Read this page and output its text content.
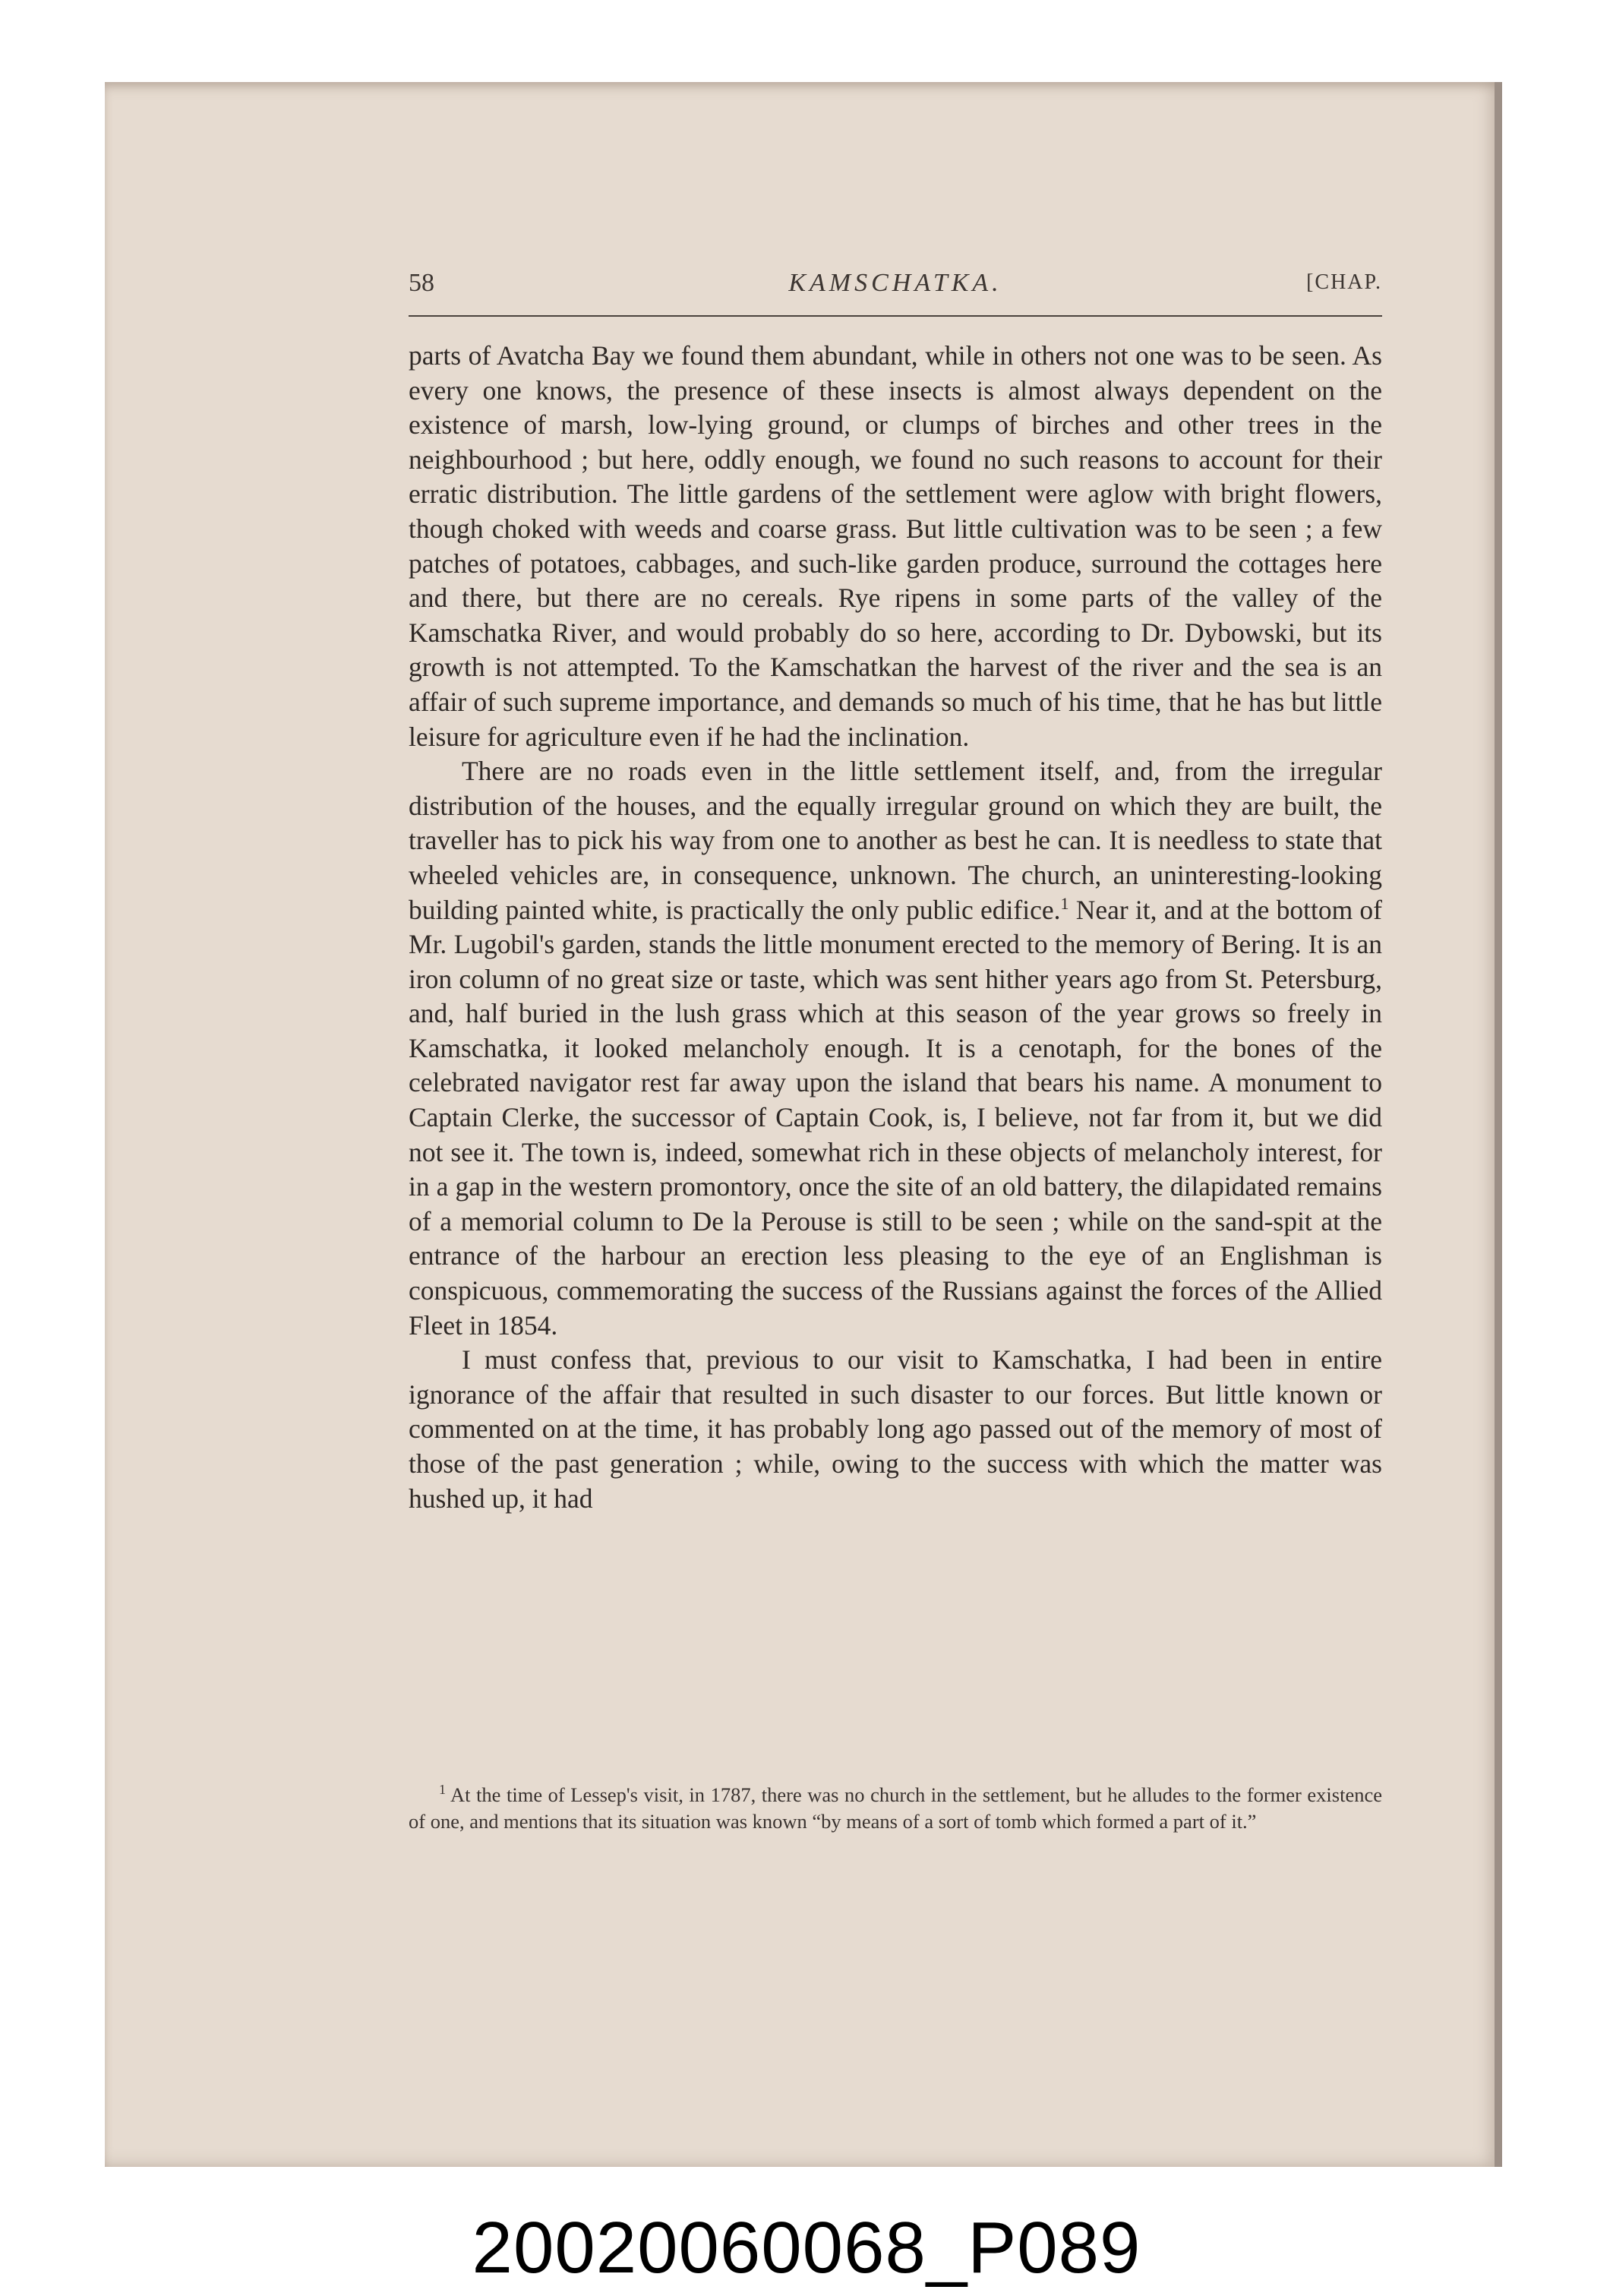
58	KAMSCHATKA.	[CHAP.

parts of Avatcha Bay we found them abundant, while in others not one was to be seen. As every one knows, the presence of these insects is almost always dependent on the existence of marsh, low-lying ground, or clumps of birches and other trees in the neighbourhood ; but here, oddly enough, we found no such reasons to account for their erratic distribution. The little gardens of the settlement were aglow with bright flowers, though choked with weeds and coarse grass. But little cultivation was to be seen ; a few patches of potatoes, cabbages, and such-like garden produce, surround the cottages here and there, but there are no cereals. Rye ripens in some parts of the valley of the Kamschatka River, and would probably do so here, according to Dr. Dybowski, but its growth is not attempted. To the Kamschatkan the harvest of the river and the sea is an affair of such supreme importance, and demands so much of his time, that he has but little leisure for agriculture even if he had the inclination.

There are no roads even in the little settlement itself, and, from the irregular distribution of the houses, and the equally irregular ground on which they are built, the traveller has to pick his way from one to another as best he can. It is needless to state that wheeled vehicles are, in consequence, unknown. The church, an uninteresting-looking building painted white, is practically the only public edifice.$^1$ Near it, and at the bottom of Mr. Lugobil's garden, stands the little monument erected to the memory of Bering. It is an iron column of no great size or taste, which was sent hither years ago from St. Petersburg, and, half buried in the lush grass which at this season of the year grows so freely in Kamschatka, it looked melancholy enough. It is a cenotaph, for the bones of the celebrated navigator rest far away upon the island that bears his name. A monument to Captain Clerke, the successor of Captain Cook, is, I believe, not far from it, but we did not see it. The town is, indeed, somewhat rich in these objects of melancholy interest, for in a gap in the western promontory, once the site of an old battery, the dilapidated remains of a memorial column to De la Perouse is still to be seen ; while on the sand-spit at the entrance of the harbour an erection less pleasing to the eye of an Englishman is conspicuous, commemorating the success of the Russians against the forces of the Allied Fleet in 1854.

I must confess that, previous to our visit to Kamschatka, I had been in entire ignorance of the affair that resulted in such disaster to our forces. But little known or commented on at the time, it has probably long ago passed out of the memory of most of those of the past generation ; while, owing to the success with which the matter was hushed up, it had

$^1$ At the time of Lessep's visit, in 1787, there was no church in the settlement, but he alludes to the former existence of one, and mentions that its situation was known “by means of a sort of tomb which formed a part of it.”
20020060068_P089
